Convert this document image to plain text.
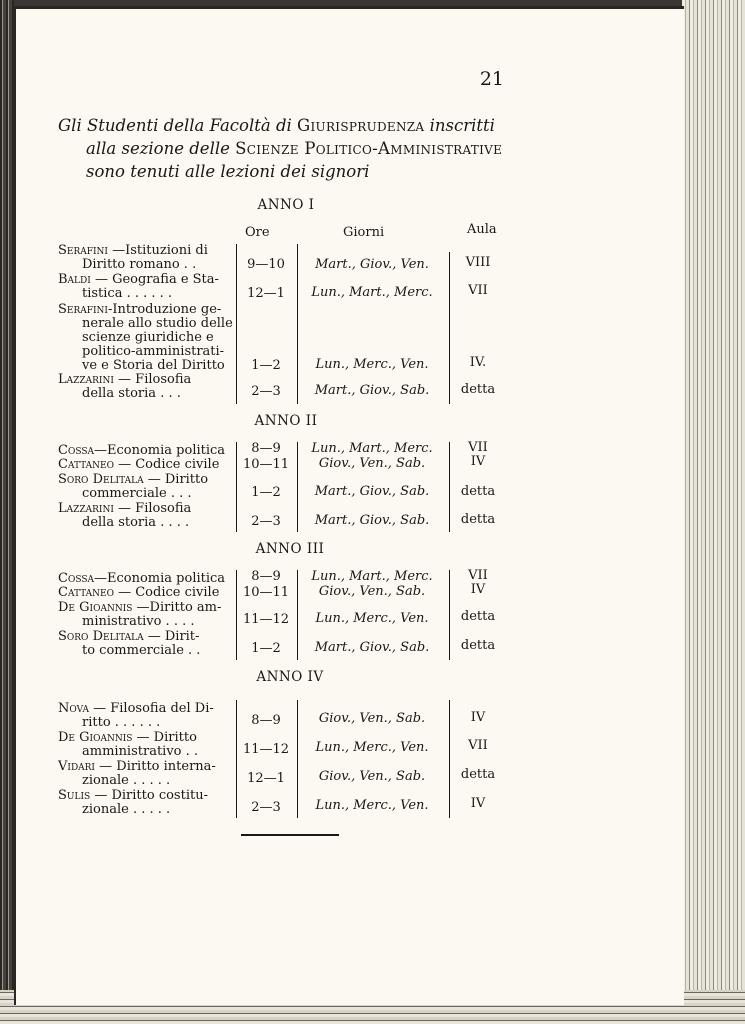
21
Gli Studenti della Facoltà di Giurisprudenza inscritti
alla sezione delle Scienze Politico-Amministrative
sono tenuti alle lezioni dei signori
Ore	Giorni	Aula
ANNO I
ANNO II
ANNO III
ANNO IV
Serafini —Istituzioni di
Diritto romano . .	9—10	Mart., Giov., Ven.	VIII
Baldi — Geografia e Sta-
tistica . . . . . .	12—1	Lun., Mart., Merc.	VII
Serafini-Introduzione ge-
nerale allo studio delle
scienze giuridiche e
politico-amministrati-
ve e Storia del Diritto	1—2	Lun., Merc., Ven.	IV.
Lazzarini — Filosofia
della storia . . .	2—3	Mart., Giov., Sab.	detta
Cossa—Economia politica	8—9	Lun., Mart., Merc.	VII
Cattaneo — Codice civile	10—11	Giov., Ven., Sab.	IV
Soro Delitala — Diritto
commerciale . . .	1—2	Mart., Giov., Sab.	detta
Lazzarini — Filosofia
della storia . . . .	2—3	Mart., Giov., Sab.	detta
Cossa—Economia politica	8—9	Lun., Mart., Merc.	VII
Cattaneo — Codice civile	10—11	Giov., Ven., Sab.	IV
De Gioannis —Diritto am-
ministrativo . . . .	11—12	Lun., Merc., Ven.	detta
Soro Delitala — Dirit-
to commerciale . .	1—2	Mart., Giov., Sab.	detta
Nova — Filosofia del Di-
ritto . . . . . .	8—9	Giov., Ven., Sab.	IV
De Gioannis — Diritto
amministrativo . .	11—12	Lun., Merc., Ven.	VII
Vidari — Diritto interna-
zionale . . . . .	12—1	Giov., Ven., Sab.	detta
Sulis — Diritto costitu-
zionale . . . . .	2—3	Lun., Merc., Ven.	IV
